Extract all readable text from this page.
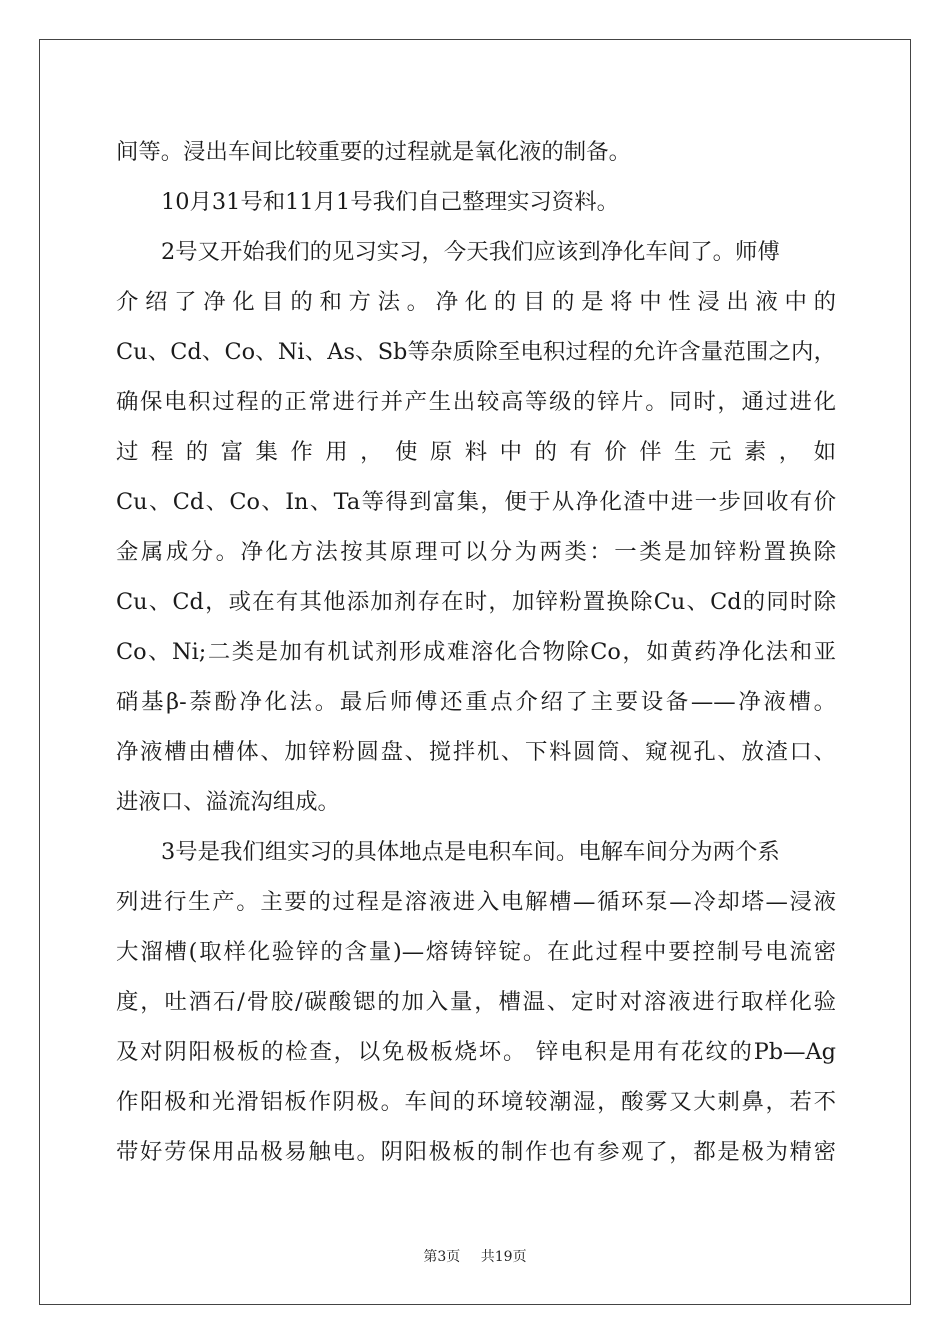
间等。浸出车间比较重要的过程就是氧化液的制备。
10月31号和11月1号我们自己整理实习资料。
2号又开始我们的见习实习，今天我们应该到净化车间了。师傅
介绍了净化目的和方法。净化的目的是将中性浸出液中的
Cu、Cd、Co、Ni、As、Sb等杂质除至电积过程的允许含量范围之内，
确保电积过程的正常进行并产生出较高等级的锌片。同时，通过进化
过程的富集作用，使原料中的有价伴生元素，如
Cu、Cd、Co、In、Ta等得到富集，便于从净化渣中进一步回收有价
金属成分。净化方法按其原理可以分为两类：一类是加锌粉置换除
Cu、Cd，或在有其他添加剂存在时，加锌粉置换除Cu、Cd的同时除
Co、Ni;二类是加有机试剂形成难溶化合物除Co，如黄药净化法和亚
硝基β-萘酚净化法。最后师傅还重点介绍了主要设备——净液槽。
净液槽由槽体、加锌粉圆盘、搅拌机、下料圆筒、窥视孔、放渣口、
进液口、溢流沟组成。
3号是我们组实习的具体地点是电积车间。电解车间分为两个系
列进行生产。主要的过程是溶液进入电解槽—循环泵—冷却塔—浸液
大溜槽(取样化验锌的含量)—熔铸锌锭。在此过程中要控制号电流密
度，吐酒石/骨胶/碳酸锶的加入量，槽温、定时对溶液进行取样化验
及对阴阳极板的检查，以免极板烧坏。 锌电积是用有花纹的Pb—Ag
作阳极和光滑铝板作阴极。车间的环境较潮湿，酸雾又大刺鼻，若不
带好劳保用品极易触电。阴阳极板的制作也有参观了，都是极为精密
第3页 共19页
